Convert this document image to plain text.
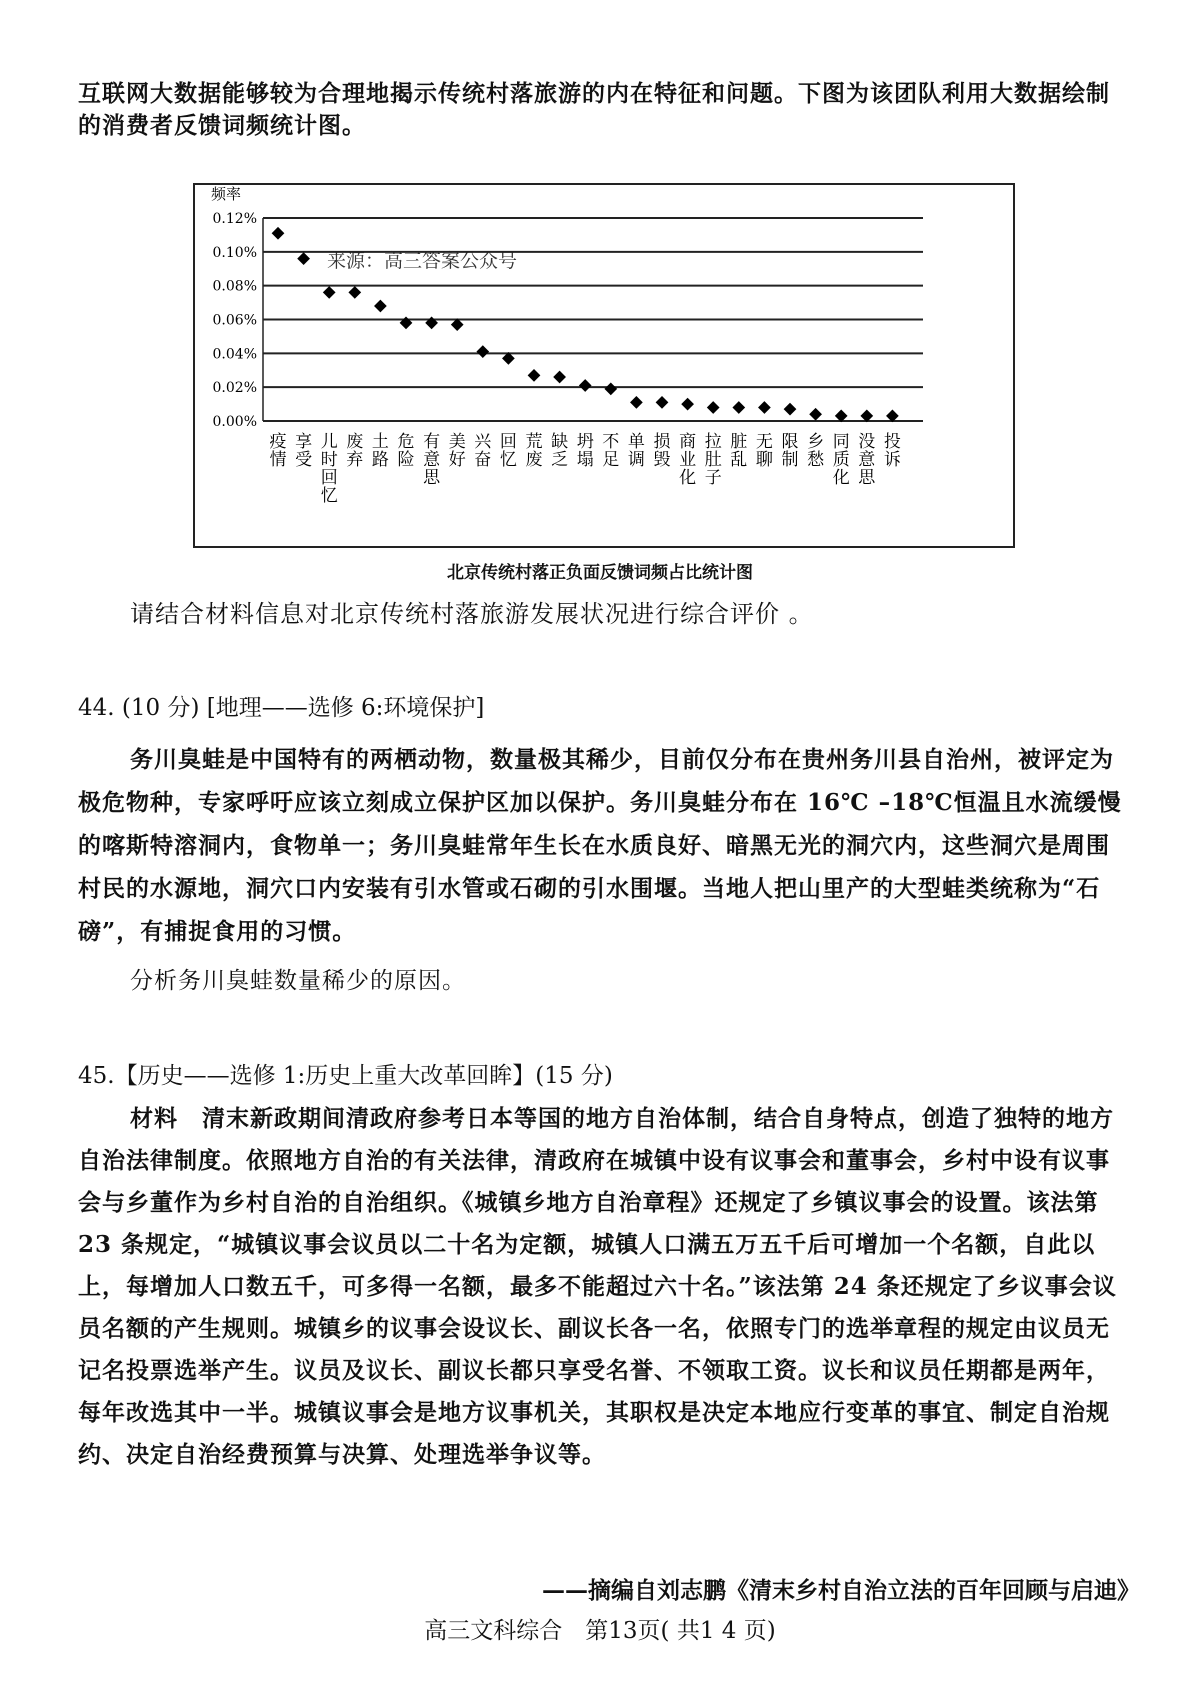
互联网大数据能够较为合理地揭示传统村落旅游的内在特征和问题。下图为该团队利用大数据绘制的消费者反馈词频统计图。
频率
来源：高三答案公众号
0.00%
0.02%
0.04%
0.06%
0.08%
0.10%
0.12%
疫情
享受
儿时回忆
废弃
土路
危险
有意思
美好
兴奋
回忆
荒废
缺乏
坍塌
不足
单调
损毁
商业化
拉肚子
脏乱
无聊
限制
乡愁
同质化
没意思
投诉
北京传统村落正负面反馈词频占比统计图
请结合材料信息对北京传统村落旅游发展状况进行综合评价 。
44. (10 分) [地理——选修 6:环境保护]
务川臭蛙是中国特有的两栖动物，数量极其稀少，目前仅分布在贵州务川县自治州，被评定为极危物种，专家呼吁应该立刻成立保护区加以保护。务川臭蛙分布在 16℃ –18℃恒温且水流缓慢的喀斯特溶洞内，食物单一；务川臭蛙常年生长在水质良好、暗黑无光的洞穴内，这些洞穴是周围村民的水源地，洞穴口内安装有引水管或石砌的引水围堰。当地人把山里产的大型蛙类统称为“石磅”，有捕捉食用的习惯。
分析务川臭蛙数量稀少的原因。
45.【历史——选修 1:历史上重大改革回眸】(15 分)
材料　 清末新政期间清政府参考日本等国的地方自治体制，结合自身特点，创造了独特的地方自治法律制度。依照地方自治的有关法律，清政府在城镇中设有议事会和董事会，乡村中设有议事会与乡董作为乡村自治的自治组织。《城镇乡地方自治章程》还规定了乡镇议事会的设置。该法第 23 条规定，“城镇议事会议员以二十名为定额，城镇人口满五万五千后可增加一个名额，自此以上，每增加人口数五千，可多得一名额，最多不能超过六十名。”该法第 24 条还规定了乡议事会议员名额的产生规则。城镇乡的议事会设议长、副议长各一名，依照专门的选举章程的规定由议员无记名投票选举产生。议员及议长、副议长都只享受名誉、不领取工资。议长和议员任期都是两年，每年改选其中一半。城镇议事会是地方议事机关，其职权是决定本地应行变革的事宜、制定自治规约、决定自治经费预算与决算、处理选举争议等。
——摘编自刘志鹏《清末乡村自治立法的百年回顾与启迪》
高三文科综合　第13页( 共1 4 页)
